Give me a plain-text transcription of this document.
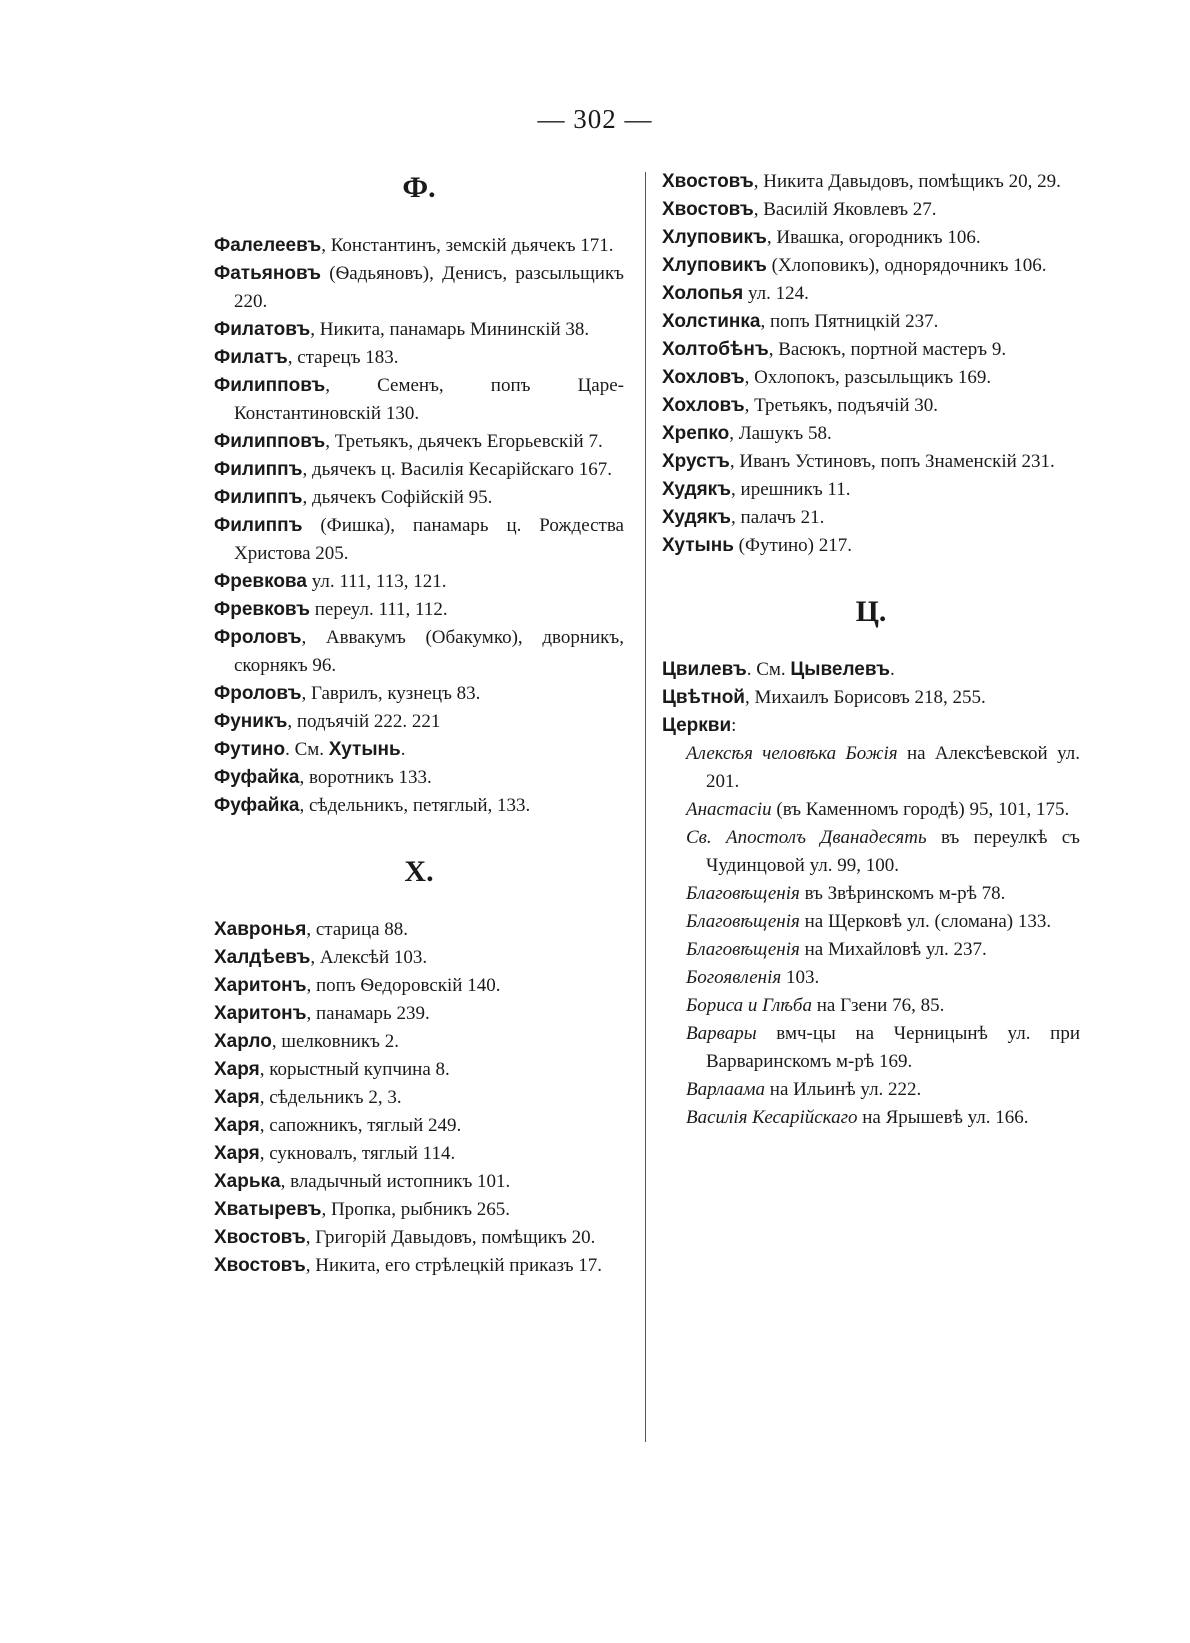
— 302 —
Ф.

Фалелеевъ, Константинъ, земскій дьячекъ 171.

Фатьяновъ (Ѳадьяновъ), Денисъ, разсыльщикъ 220.

Филатовъ, Никита, панамарь Мининскій 38.

Филатъ, старецъ 183.

Филипповъ, Семенъ, попъ Царе-Константиновскій 130.

Филипповъ, Третьякъ, дьячекъ Егорьевскій 7.

Филиппъ, дьячекъ ц. Василія Кесарійскаго 167.

Филиппъ, дьячекъ Софійскій 95.

Филиппъ (Фишка), панамарь ц. Рождества Христова 205.

Фревкова ул. 111, 113, 121.

Фревковъ переул. 111, 112.

Фроловъ, Аввакумъ (Обакумко), дворникъ, скорнякъ 96.

Фроловъ, Гаврилъ, кузнецъ 83.

Фуникъ, подъячій 222. 221

Футино. См. Хутынь.

Фуфайка, воротникъ 133.

Фуфайка, сѣдельникъ, петяглый, 133.

Х.

Хавронья, старица 88.

Халдѣевъ, Алексѣй 103.

Харитонъ, попъ Ѳедоровскій 140.

Харитонъ, панамарь 239.

Харло, шелковникъ 2.

Харя, корыстный купчина 8.

Харя, сѣдельникъ 2, 3.

Харя, сапожникъ, тяглый 249.

Харя, сукновалъ, тяглый 114.

Харька, владычный истопникъ 101.

Хватыревъ, Пропка, рыбникъ 265.

Хвостовъ, Григорій Давыдовъ, помѣщикъ 20.

Хвостовъ, Никита, его стрѣлецкій приказъ 17.

Хвостовъ, Никита Давыдовъ, помѣщикъ 20, 29.

Хвостовъ, Василій Яковлевъ 27.

Хлуповикъ, Ивашка, огородникъ 106.

Хлуповикъ (Хлоповикъ), однорядочникъ 106.

Холопья ул. 124.

Холстинка, попъ Пятницкій 237.

Холтобѣнъ, Васюкъ, портной мастеръ 9.

Хохловъ, Охлопокъ, разсыльщикъ 169.

Хохловъ, Третьякъ, подъячій 30.

Хрепко, Лашукъ 58.

Хрустъ, Иванъ Устиновъ, попъ Знаменскій 231.

Худякъ, ирешникъ 11.

Худякъ, палачъ 21.

Хутынь (Футино) 217.

Ц.

Цвилевъ. См. Цывелевъ.

Цвѣтной, Михаилъ Борисовъ 218, 255.

Церкви:

Алексѣя человѣка Божія на Алексѣевской ул. 201.

Анастасіи (въ Каменномъ городѣ) 95, 101, 175.

Св. Апостолъ Дванадесять въ переулкѣ съ Чудинцовой ул. 99, 100.

Благовѣщенія въ Звѣринскомъ м-рѣ 78.

Благовѣщенія на Щерковѣ ул. (сломана) 133.

Благовѣщенія на Михайловѣ ул. 237.

Богоявленія 103.

Бориса и Глѣба на Гзени 76, 85.

Варвары вмч-цы на Черницынѣ ул. при Варваринскомъ м-рѣ 169.

Варлаама на Ильинѣ ул. 222.

Василія Кесарійскаго на Ярышевѣ ул. 166.
